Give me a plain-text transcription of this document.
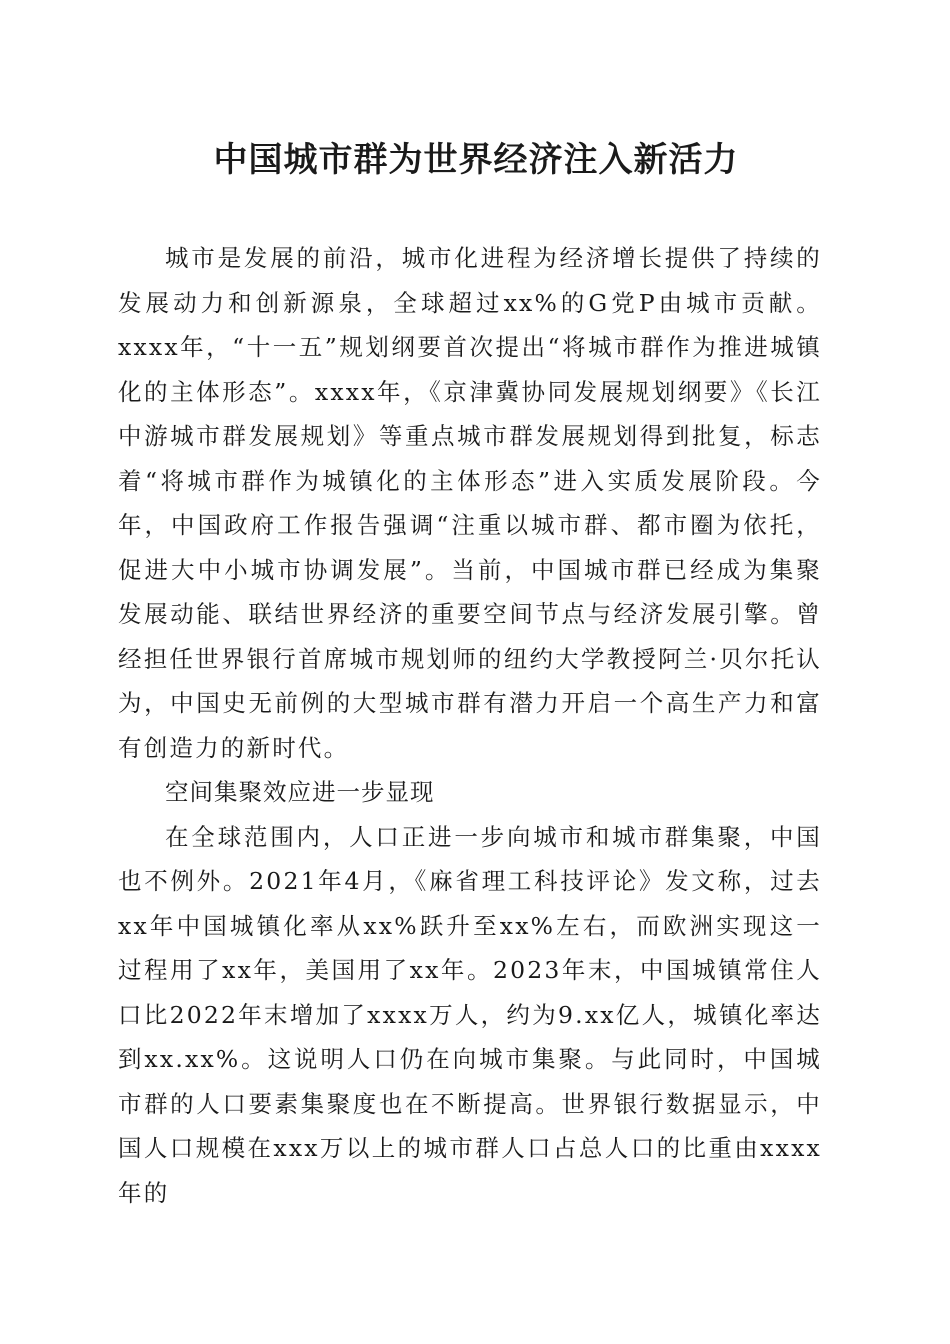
中国城市群为世界经济注入新活力

城市是发展的前沿，城市化进程为经济增长提供了持续的发展动力和创新源泉，全球超过xx%的G党P由城市贡献。xxxx年，“十一五”规划纲要首次提出“将城市群作为推进城镇化的主体形态”。xxxx年，《京津冀协同发展规划纲要》《长江中游城市群发展规划》等重点城市群发展规划得到批复，标志着“将城市群作为城镇化的主体形态”进入实质发展阶段。今年，中国政府工作报告强调“注重以城市群、都市圈为依托，促进大中小城市协调发展”。当前，中国城市群已经成为集聚发展动能、联结世界经济的重要空间节点与经济发展引擎。曾经担任世界银行首席城市规划师的纽约大学教授阿兰·贝尔托认为，中国史无前例的大型城市群有潜力开启一个高生产力和富有创造力的新时代。

空间集聚效应进一步显现

在全球范围内，人口正进一步向城市和城市群集聚，中国也不例外。2021年4月，《麻省理工科技评论》发文称，过去xx年中国城镇化率从xx%跃升至xx%左右，而欧洲实现这一过程用了xx年，美国用了xx年。2023年末，中国城镇常住人口比2022年末增加了xxxx万人，约为9.xx亿人，城镇化率达到xx.xx%。这说明人口仍在向城市集聚。与此同时，中国城市群的人口要素集聚度也在不断提高。世界银行数据显示，中国人口规模在xxx万以上的城市群人口占总人口的比重由xxxx年的
